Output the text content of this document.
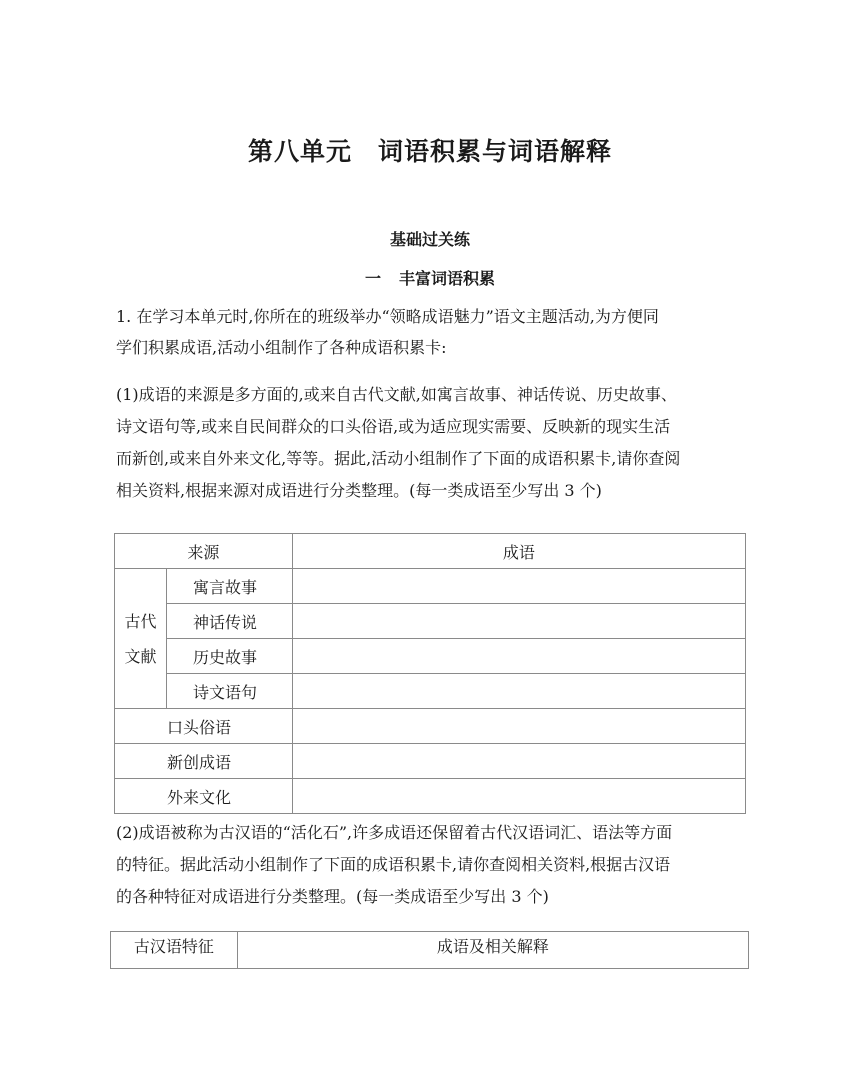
第八单元 词语积累与词语解释
基础过关练
一 丰富词语积累
1. 在学习本单元时,你所在的班级举办“领略成语魅力”语文主题活动,为方便同
学们积累成语,活动小组制作了各种成语积累卡:
(1)成语的来源是多方面的,或来自古代文献,如寓言故事、神话传说、历史故事、
诗文语句等,或来自民间群众的口头俗语,或为适应现实需要、反映新的现实生活
而新创,或来自外来文化,等等。据此,活动小组制作了下面的成语积累卡,请你查阅
相关资料,根据来源对成语进行分类整理。(每一类成语至少写出 3 个)
来源		成语
古代
文献	寓言故事	
	神话传说	
	历史故事	
	诗文语句	
口头俗语		
新创成语		
外来文化		
(2)成语被称为古汉语的“活化石”,许多成语还保留着古代汉语词汇、语法等方面
的特征。据此活动小组制作了下面的成语积累卡,请你查阅相关资料,根据古汉语
的各种特征对成语进行分类整理。(每一类成语至少写出 3 个)
古汉语特征	成语及相关解释
